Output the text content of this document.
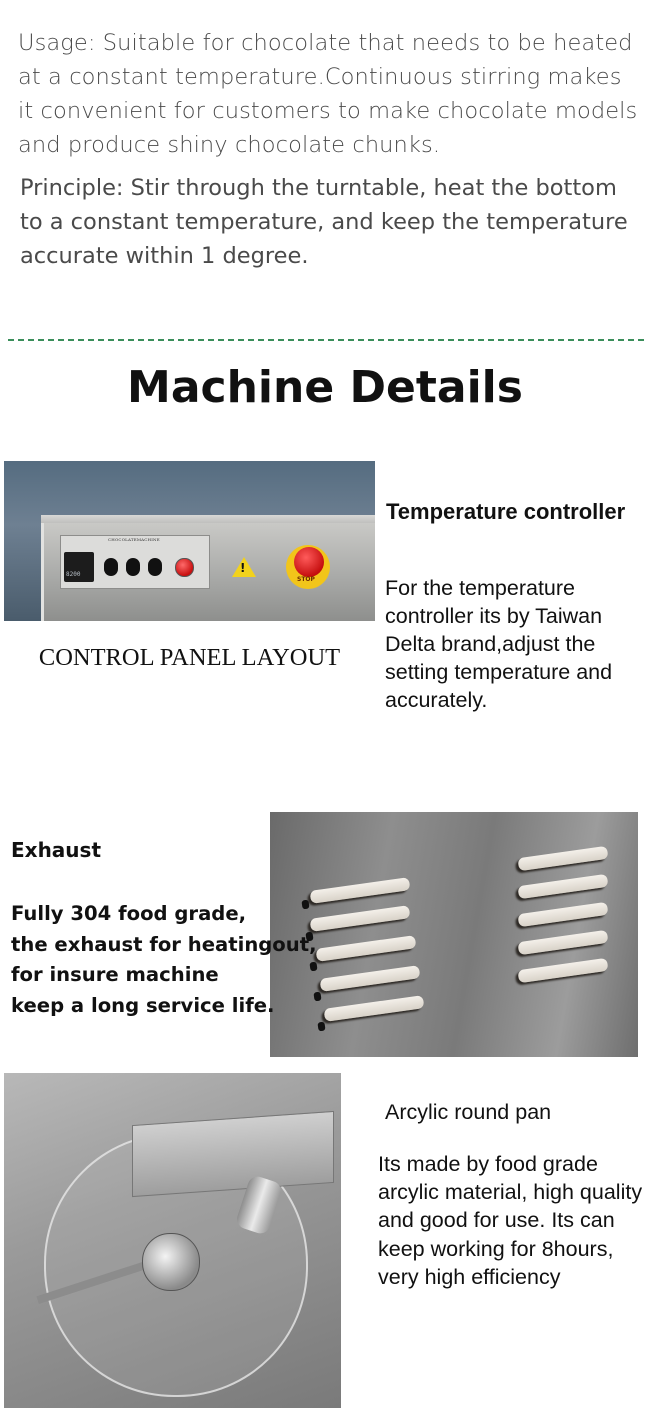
Usage: Suitable for chocolate that needs to be heated at a constant temperature.Continuous stirring makes it convenient for customers to make chocolate models and produce shiny chocolate chunks.
Principle: Stir through the turntable, heat the bottom to a constant temperature, and keep the temperature accurate within 1 degree.
Machine Details
CHOCOLATEMACHINE
8200	!
STOP
CONTROL PANEL LAYOUT
Temperature controller
For the temperature controller its by Taiwan Delta brand,adjust the setting temperature and accurately.
Exhaust
Fully 304 food grade,
the exhaust for heatingout,
for insure machine
keep a long service life.
Arcylic round pan
Its made by food grade arcylic material, high quality and good for use. Its can keep working for 8hours, very high efficiency
